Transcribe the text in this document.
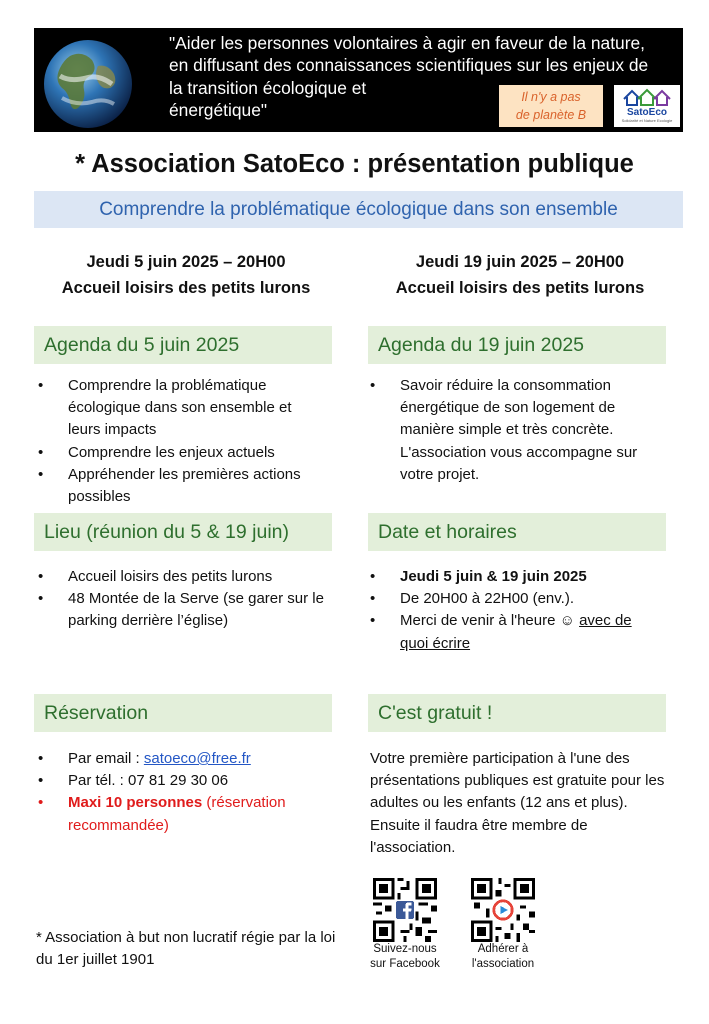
"Aider les personnes volontaires à agir en faveur de la nature,
en diffusant des connaissances scientifiques sur les enjeux de
la transition écologique et
énergétique"
Il n'y a pas
de planète B	SatoEco
Solidarité et Nature Ecologie
* Association SatoEco : présentation publique
Comprendre la problématique écologique dans son ensemble
Jeudi 5 juin 2025 – 20H00
Accueil loisirs des petits lurons
Jeudi 19 juin 2025 – 20H00
Accueil loisirs des petits lurons
Agenda du 5 juin 2025
• Comprendre la problématique écologique dans son ensemble et leurs impacts
• Comprendre les enjeux actuels
• Appréhender les premières actions possibles
Agenda du 19 juin 2025
• Savoir réduire la consommation énergétique de son logement de manière simple et très concrète. L'association vous accompagne sur votre projet.
Lieu (réunion du 5 & 19 juin)
• Accueil loisirs des petits lurons
• 48 Montée de la Serve (se garer sur le parking derrière l’église)
Date et horaires
• Jeudi 5 juin & 19 juin 2025
• De 20H00 à 22H00 (env.).
• Merci de venir à l'heure ☺ avec de quoi écrire
Réservation
• Par email : satoeco@free.fr
• Par tél. : 07 81 29 30 06
• Maxi 10 personnes (réservation recommandée)
C'est gratuit !
Votre première participation à l'une des présentations publiques est gratuite pour les adultes ou les enfants (12 ans et plus). Ensuite il faudra être membre de l'association.
* Association à but non lucratif régie par la loi du 1er juillet 1901
Suivez-nous
sur Facebook
Adhérer à
l'association
